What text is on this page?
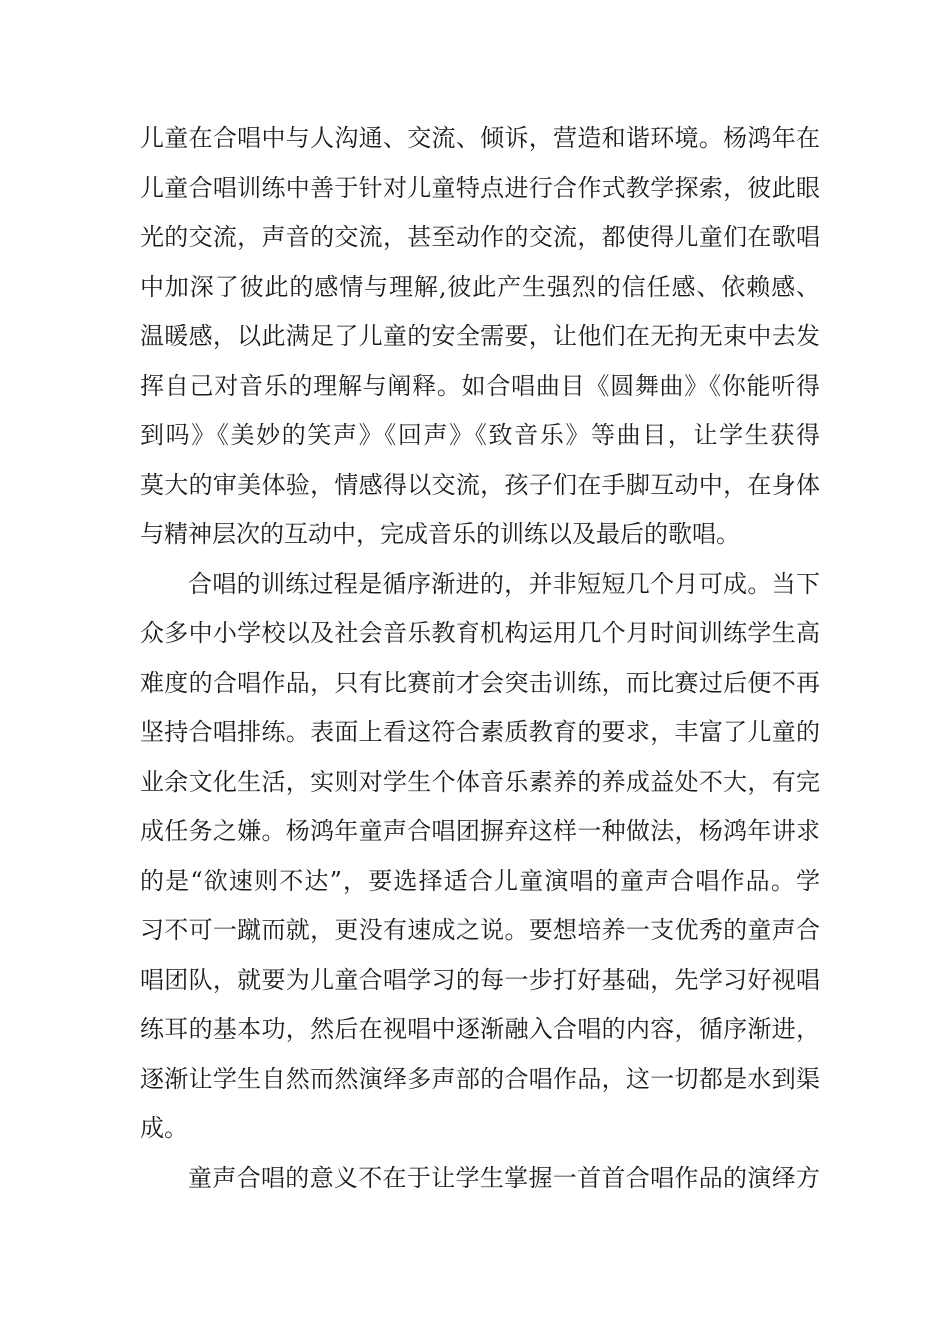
儿童在合唱中与人沟通、交流、倾诉，营造和谐环境。杨鸿年在
儿童合唱训练中善于针对儿童特点进行合作式教学探索，彼此眼
光的交流，声音的交流，甚至动作的交流，都使得儿童们在歌唱
中加深了彼此的感情与理解,彼此产生强烈的信任感、依赖感、
温暖感，以此满足了儿童的安全需要，让他们在无拘无束中去发
挥自己对音乐的理解与阐释。如合唱曲目《圆舞曲》《你能听得
到吗》《美妙的笑声》《回声》《致音乐》等曲目，让学生获得
莫大的审美体验，情感得以交流，孩子们在手脚互动中，在身体
与精神层次的互动中，完成音乐的训练以及最后的歌唱。
合唱的训练过程是循序渐进的，并非短短几个月可成。当下
众多中小学校以及社会音乐教育机构运用几个月时间训练学生高
难度的合唱作品，只有比赛前才会突击训练，而比赛过后便不再
坚持合唱排练。表面上看这符合素质教育的要求，丰富了儿童的
业余文化生活，实则对学生个体音乐素养的养成益处不大，有完
成任务之嫌。杨鸿年童声合唱团摒弃这样一种做法，杨鸿年讲求
的是“欲速则不达”，要选择适合儿童演唱的童声合唱作品。学
习不可一蹴而就，更没有速成之说。要想培养一支优秀的童声合
唱团队，就要为儿童合唱学习的每一步打好基础，先学习好视唱
练耳的基本功，然后在视唱中逐渐融入合唱的内容，循序渐进，
逐渐让学生自然而然演绎多声部的合唱作品，这一切都是水到渠
成。
童声合唱的意义不在于让学生掌握一首首合唱作品的演绎方
